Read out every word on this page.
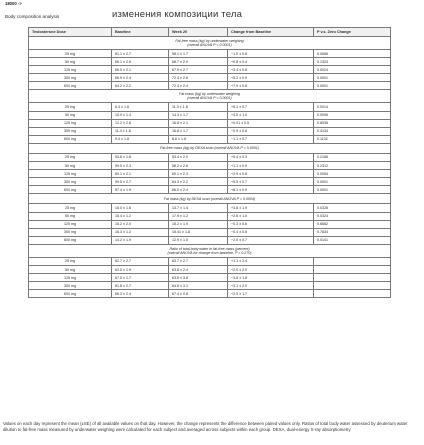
18000 ->
Body composition analysis	изменения композиции тела
Testosterone Dose	Baseline	Week 20	Change from Baseline	P v.s. Zero Change

Fat-free mass (kg) by underwater weighing
(overall ANOVA P < 0.0001)				

25 mg	61.1 ± 2.7	58.1 ± 1.7	−1.0 ± 0.8	0.0686
50 mg	66.1 ± 2.8	68.7 ± 2.0	+0.8 ± 0.4	0.1324
125 mg	66.0 ± 2.1	67.9 ± 2.7	+3.4 ± 0.8	0.0024
300 mg	66.9 ± 2.4	72.4 ± 2.6	+5.2 ± 0.9	0.0001
600 mg	64.2 ± 2.2	72.4 ± 2.4	+7.9 ± 0.8	0.0001

Fat mass (kg) by underwater weighing
(overall ANOVA P < 0.0001)				

25 mg	6.3 ± 1.6	11.3 ± 1.8	+5.1 ± 0.7	0.0014
50 mg	10.9 ± 1.4	14.3 ± 1.7	+3.5 ± 1.0	0.0096
125 mg	12.2 ± 2.8	16.8 ± 2.1	+0.01 ± 0.5	0.8936
300 mg	11.4 ± 1.8	16.8 ± 1.7	−0.9 ± 0.8	0.4134
600 mg	9.4 ± 1.8	8.6 ± 1.8	−1.1 ± 0.7	0.1132

Fat-free mass (kg) by DEXA scan (overall ANOVA P < 0.0001)				

25 mg	53.6 ± 1.8	53.4 ± 2.0	+0.4 ± 0.3	0.2166
50 mg	59.0 ± 2.3	58.2 ± 2.6	+1.1 ± 0.9	0.2312
125 mg	60.1 ± 2.1	60.1 ± 2.3	+2.9 ± 0.8	0.0054
300 mg	59.5 ± 2.7	64.3 ± 2.2	+5.5 ± 0.7	0.0001
600 mg	57.4 ± 1.9	66.0 ± 2.4	+8.1 ± 0.9	0.0001

Fat mass (kg) by DEXA scan (overall ANOVA P = 0.0004)				

25 mg	15.0 ± 1.8	13.7 ± 1.4	+3.8 ± 1.9	0.0326
50 mg	15.4 ± 1.2	17.9 ± 1.2	+2.6 ± 1.0	0.0324
125 mg	15.2 ± 2.0	15.2 ± 1.9	−0.3 ± 0.6	0.6682
300 mg	16.3 ± 1.2	15.41 ± 1.8	−0.4 ± 0.6	0.7834
600 mg	14.2 ± 1.9	12.9 ± 1.5	−2.0 ± 0.7	0.0141

Ratio of total body water to fat-free mass (percent)
(overall ANOVA for change from baseline, P = 0.270)				

25 mg	62.7 ± 2.7	63.7 ± 2.7	+1.1 ± 2.4	
50 mg	62.0 ± 1.9	63.8 ± 2.4	+2.0 ± 2.0	
125 mg	67.0 ± 1.7	63.5 ± 3.8	−3.8 ± 1.8	
300 mg	61.8 ± 2.7	64.8 ± 3.1	+3.1 ± 2.0	
600 mg	66.3 ± 2.4	67.4 ± 0.8	+2.5 ± 1.7	
Values on each day represent the mean (±SE) of all available values on that day. However, the change represents the difference between paired values only. Ratios of total body water assessed by deuterium water dilution to fat-free mass measured by underwater weighing were calculated for each subject and averaged across subjects within each group. DEXA, dual-energy X-ray absorptiometry.
